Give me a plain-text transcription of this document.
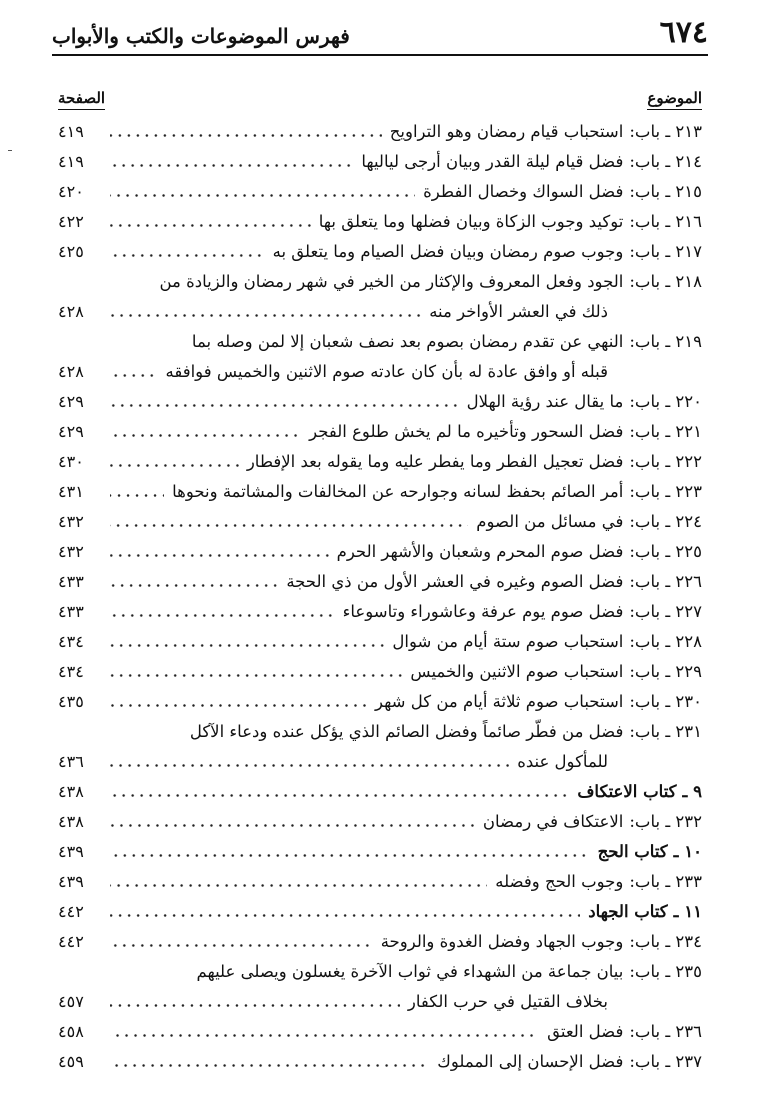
٦٧٤
فهرس الموضوعات والكتب والأبواب
الموضوع
الصفحة
٢١٣ ـ باب:
استحباب قيام رمضان وهو التراويح
٤١٩
٢١٤ ـ باب:
فضل قيام ليلة القدر وبيان أرجى لياليها
٤١٩
٢١٥ ـ باب:
فضل السواك وخصال الفطرة
٤٢٠
٢١٦ ـ باب:
توكيد وجوب الزكاة وبيان فضلها وما يتعلق بها
٤٢٢
٢١٧ ـ باب:
وجوب صوم رمضان وبيان فضل الصيام وما يتعلق به
٤٢٥
٢١٨ ـ باب:
الجود وفعل المعروف والإكثار من الخير في شهر رمضان والزيادة من
ذلك في العشر الأواخر منه
٤٢٨
٢١٩ ـ باب:
النهي عن تقدم رمضان بصوم بعد نصف شعبان إلا لمن وصله بما
قبله أو وافق عادة له بأن كان عادته صوم الاثنين والخميس فوافقه
٤٢٨
٢٢٠ ـ باب:
ما يقال عند رؤية الهلال
٤٢٩
٢٢١ ـ باب:
فضل السحور وتأخيره ما لم يخش طلوع الفجر
٤٢٩
٢٢٢ ـ باب:
فضل تعجيل الفطر وما يفطر عليه وما يقوله بعد الإفطار
٤٣٠
٢٢٣ ـ باب:
أمر الصائم بحفظ لسانه وجوارحه عن المخالفات والمشاتمة ونحوها
٤٣١
٢٢٤ ـ باب:
في مسائل من الصوم
٤٣٢
٢٢٥ ـ باب:
فضل صوم المحرم وشعبان والأشهر الحرم
٤٣٢
٢٢٦ ـ باب:
فضل الصوم وغيره في العشر الأول من ذي الحجة
٤٣٣
٢٢٧ ـ باب:
فضل صوم يوم عرفة وعاشوراء وتاسوعاء
٤٣٣
٢٢٨ ـ باب:
استحباب صوم ستة أيام من شوال
٤٣٤
٢٢٩ ـ باب:
استحباب صوم الاثنين والخميس
٤٣٤
٢٣٠ ـ باب:
استحباب صوم ثلاثة أيام من كل شهر
٤٣٥
٢٣١ ـ باب:
فضل من فطّر صائماً وفضل الصائم الذي يؤكل عنده ودعاء الآكل
للمأكول عنده
٤٣٦
٩ ـ
كتاب الاعتكاف
٤٣٨
٢٣٢ ـ باب:
الاعتكاف في رمضان
٤٣٨
١٠ ـ
كتاب الحج
٤٣٩
٢٣٣ ـ باب:
وجوب الحج وفضله
٤٣٩
١١ ـ
كتاب الجهاد
٤٤٢
٢٣٤ ـ باب:
وجوب الجهاد وفضل الغدوة والروحة
٤٤٢
٢٣٥ ـ باب:
بيان جماعة من الشهداء في ثواب الآخرة يغسلون ويصلى عليهم
بخلاف القتيل في حرب الكفار
٤٥٧
٢٣٦ ـ باب:
فضل العتق
٤٥٨
٢٣٧ ـ باب:
فضل الإحسان إلى المملوك
٤٥٩
